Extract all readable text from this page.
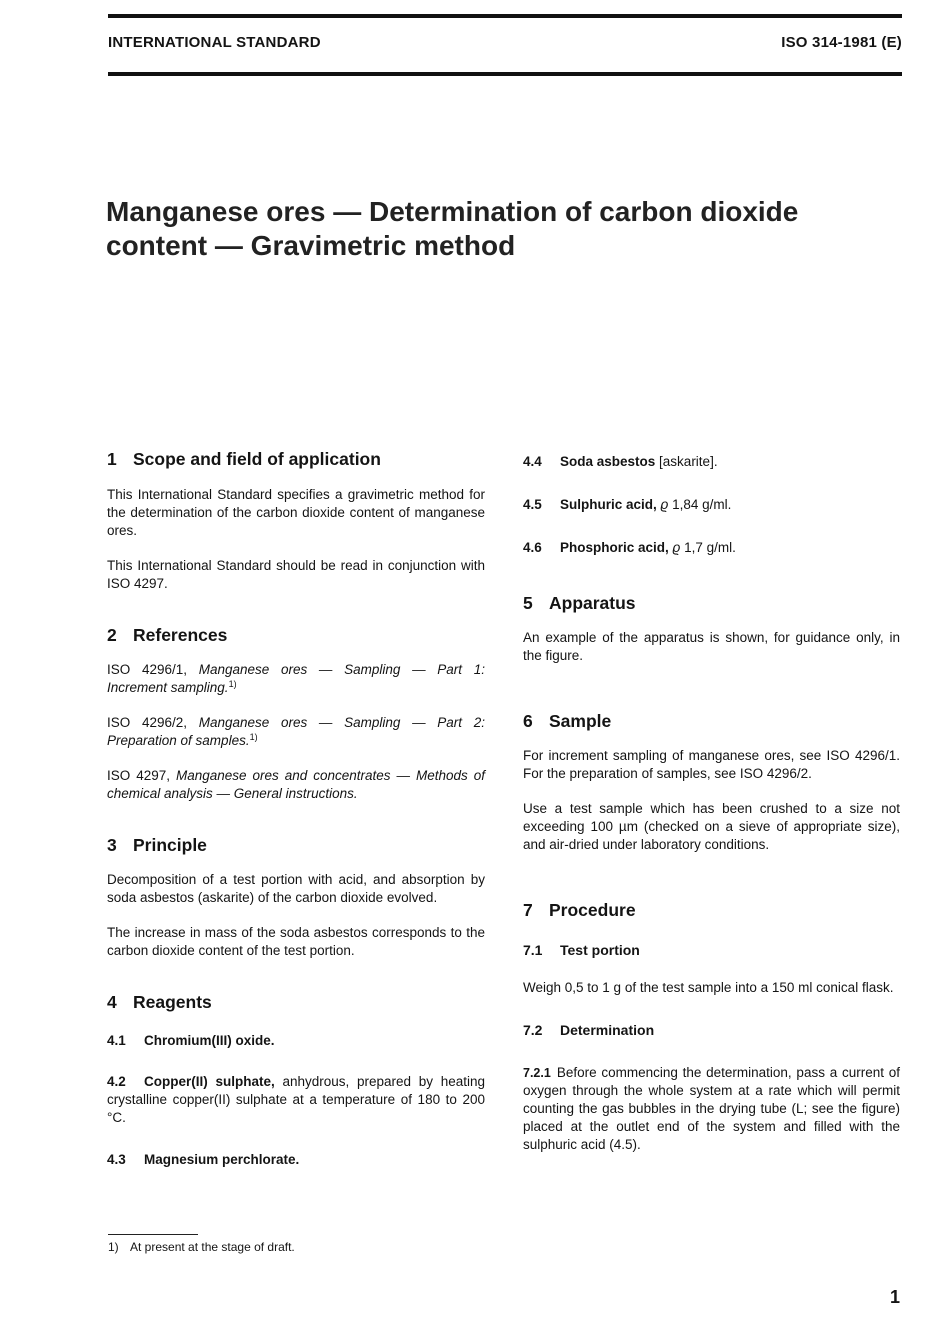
INTERNATIONAL STANDARD	ISO 314-1981 (E)
Manganese ores — Determination of carbon dioxide
content — Gravimetric method
1 Scope and field of application

This International Standard specifies a gravimetric method for the determination of the carbon dioxide content of manganese ores.

This International Standard should be read in conjunction with ISO 4297.

2 References

ISO 4296/1, Manganese ores — Sampling — Part 1: Increment sampling.$^{1)}$

ISO 4296/2, Manganese ores — Sampling — Part 2: Preparation of samples.$^{1)}$

ISO 4297, Manganese ores and concentrates — Methods of chemical analysis — General instructions.

3 Principle

Decomposition of a test portion with acid, and absorption by soda asbestos (askarite) of the carbon dioxide evolved.

The increase in mass of the soda asbestos corresponds to the carbon dioxide content of the test portion.

4 Reagents

4.1 Chromium(III) oxide.

4.2 Copper(II) sulphate, anhydrous, prepared by heating crystalline copper(II) sulphate at a temperature of 180 to 200 °C.

4.3 Magnesium perchlorate.

4.4 Soda asbestos [askarite].

4.5 Sulphuric acid, ϱ 1,84 g/ml.

4.6 Phosphoric acid, ϱ 1,7 g/ml.

5 Apparatus

An example of the apparatus is shown, for guidance only, in the figure.

6 Sample

For increment sampling of manganese ores, see ISO 4296/1. For the preparation of samples, see ISO 4296/2.

Use a test sample which has been crushed to a size not exceeding 100 µm (checked on a sieve of appropriate size), and air-dried under laboratory conditions.

7 Procedure
7.1 Test portion

Weigh 0,5 to 1 g of the test sample into a 150 ml conical flask.

7.2 Determination

7.2.1 Before commencing the determination, pass a current of oxygen through the whole system at a rate which will permit counting the gas bubbles in the drying tube (L; see the figure) placed at the outlet end of the system and filled with the sulphuric acid (4.5).

1) At present at the stage of draft.
1
